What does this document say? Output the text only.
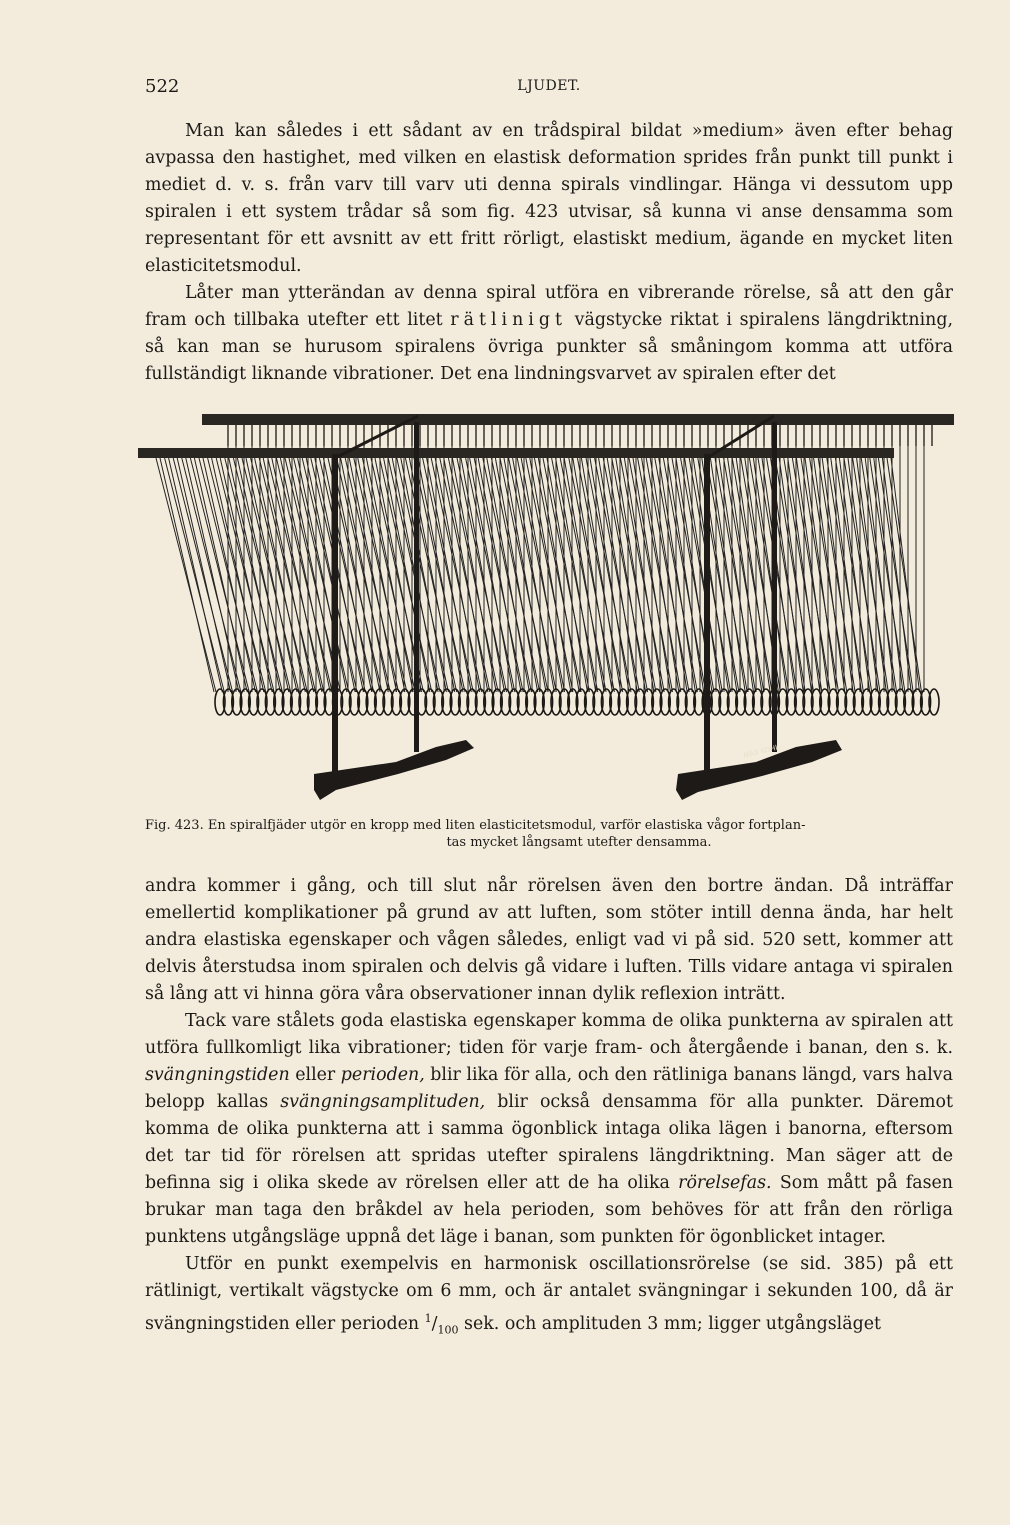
522	LJUDET.

Man kan således i ett sådant av en trådspiral bildat »medium» även efter behag avpassa den hastighet, med vilken en elastisk deformation sprides från punkt till punkt i mediet d. v. s. från varv till varv uti denna spirals vindlingar. Hänga vi dessutom upp spiralen i ett system trådar så som fig. 423 utvisar, så kunna vi anse densamma som representant för ett avsnitt av ett fritt rörligt, elastiskt medium, ägande en mycket liten elasticitetsmodul.

Låter man ytterändan av denna spiral utföra en vibrerande rörelse, så att den går fram och tillbaka utefter ett litet rätlinigt vägstycke riktat i spiralens längdriktning, så kan man se hurusom spiralens övriga punkter så småningom komma att utföra fullständigt liknande vibrationer. Det ena lindningsvarvet av spiralen efter det

MAX KOHL
Fig. 423. En spiralfjäder utgör en kropp med liten elasticitetsmodul, varför elastiska vågor fortplan-
tas mycket långsamt utefter densamma.

andra kommer i gång, och till slut når rörelsen även den bortre ändan. Då inträffar emellertid komplikationer på grund av att luften, som stöter intill denna ända, har helt andra elastiska egenskaper och vågen således, enligt vad vi på sid. 520 sett, kommer att delvis återstudsa inom spiralen och delvis gå vidare i luften. Tills vidare antaga vi spiralen så lång att vi hinna göra våra observationer innan dylik reflexion inträtt.

Tack vare stålets goda elastiska egenskaper komma de olika punkterna av spiralen att utföra fullkomligt lika vibrationer; tiden för varje fram- och återgående i banan, den s. k. svängningstiden eller perioden, blir lika för alla, och den rätliniga banans längd, vars halva belopp kallas svängningsamplituden, blir också densamma för alla punkter. Däremot komma de olika punkterna att i samma ögonblick intaga olika lägen i banorna, eftersom det tar tid för rörelsen att spridas utefter spiralens längdriktning. Man säger att de befinna sig i olika skede av rörelsen eller att de ha olika rörelsefas. Som mått på fasen brukar man taga den bråkdel av hela perioden, som behöves för att från den rörliga punktens utgångsläge uppnå det läge i banan, som punkten för ögonblicket intager.

Utför en punkt exempelvis en harmonisk oscillationsrörelse (se sid. 385) på ett rätlinigt, vertikalt vägstycke om 6 mm, och är antalet svängningar i sekunden 100, då är svängningstiden eller perioden $^1/_{100}$ sek. och amplituden 3 mm; ligger utgångsläget
